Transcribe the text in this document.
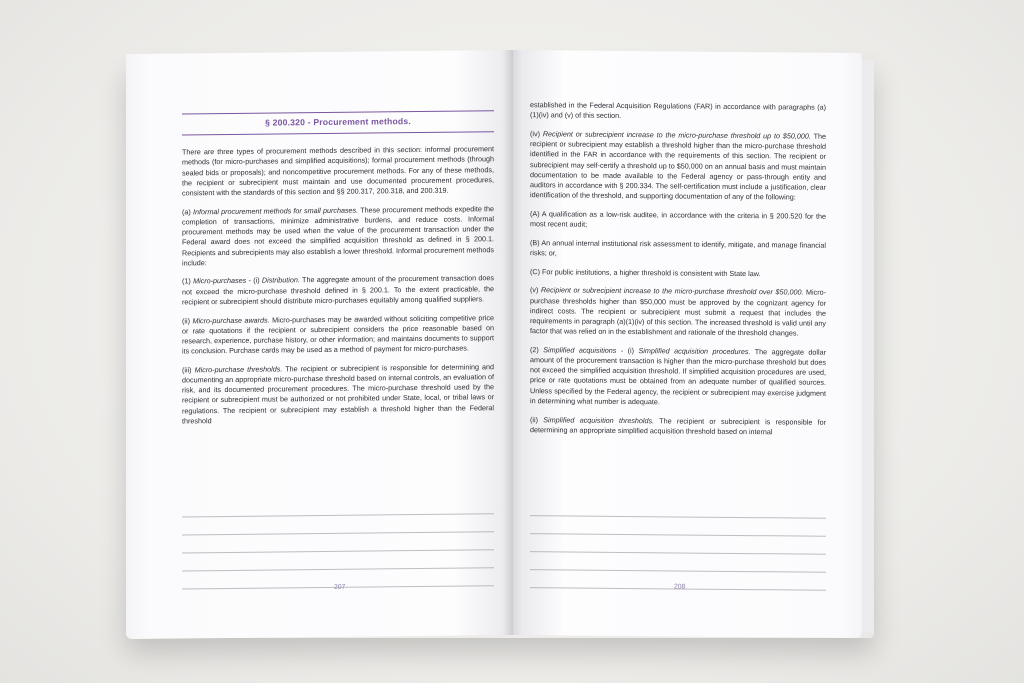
§ 200.320 - Procurement methods.

There are three types of procurement methods described in this section: informal procurement methods (for micro-purchases and simplified acquisitions); formal procurement methods (through sealed bids or proposals); and noncompetitive procurement methods. For any of these methods, the recipient or subrecipient must maintain and use documented procurement procedures, consistent with the standards of this section and §§ 200.317, 200.318, and 200.319.

(a) Informal procurement methods for small purchases. These procurement methods expedite the completion of transactions, minimize administrative burdens, and reduce costs. Informal procurement methods may be used when the value of the procurement transaction under the Federal award does not exceed the simplified acquisition threshold as defined in § 200.1. Recipients and subrecipients may also establish a lower threshold. Informal procurement methods include:

(1) Micro-purchases - (i) Distribution. The aggregate amount of the procurement transaction does not exceed the micro-purchase threshold defined in § 200.1. To the extent practicable, the recipient or subrecipient should distribute micro-purchases equitably among qualified suppliers.

(ii) Micro-purchase awards. Micro-purchases may be awarded without soliciting competitive price or rate quotations if the recipient or subrecipient considers the price reasonable based on research, experience, purchase history, or other information; and maintains documents to support its conclusion. Purchase cards may be used as a method of payment for micro-purchases.

(iii) Micro-purchase thresholds. The recipient or subrecipient is responsible for determining and documenting an appropriate micro-purchase threshold based on internal controls, an evaluation of risk, and its documented procurement procedures. The micro-purchase threshold used by the recipient or subrecipient must be authorized or not prohibited under State, local, or tribal laws or regulations. The recipient or subrecipient may establish a threshold higher than the Federal threshold

207

established in the Federal Acquisition Regulations (FAR) in accordance with paragraphs (a)(1)(iv) and (v) of this section.

(iv) Recipient or subrecipient increase to the micro-purchase threshold up to $50,000. The recipient or subrecipient may establish a threshold higher than the micro-purchase threshold identified in the FAR in accordance with the requirements of this section. The recipient or subrecipient may self-certify a threshold up to $50,000 on an annual basis and must maintain documentation to be made available to the Federal agency or pass-through entity and auditors in accordance with § 200.334. The self-certification must include a justification, clear identification of the threshold, and supporting documentation of any of the following:

(A) A qualification as a low-risk auditee, in accordance with the criteria in § 200.520 for the most recent audit;

(B) An annual internal institutional risk assessment to identify, mitigate, and manage financial risks; or,

(C) For public institutions, a higher threshold is consistent with State law.

(v) Recipient or subrecipient increase to the micro-purchase threshold over $50,000. Micro-purchase thresholds higher than $50,000 must be approved by the cognizant agency for indirect costs. The recipient or subrecipient must submit a request that includes the requirements in paragraph (a)(1)(iv) of this section. The increased threshold is valid until any factor that was relied on in the establishment and rationale of the threshold changes.

(2) Simplified acquisitions - (i) Simplified acquisition procedures. The aggregate dollar amount of the procurement transaction is higher than the micro-purchase threshold but does not exceed the simplified acquisition threshold. If simplified acquisition procedures are used, price or rate quotations must be obtained from an adequate number of qualified sources. Unless specified by the Federal agency, the recipient or subrecipient may exercise judgment in determining what number is adequate.

(ii) Simplified acquisition thresholds. The recipient or subrecipient is responsible for determining an appropriate simplified acquisition threshold based on internal

208
